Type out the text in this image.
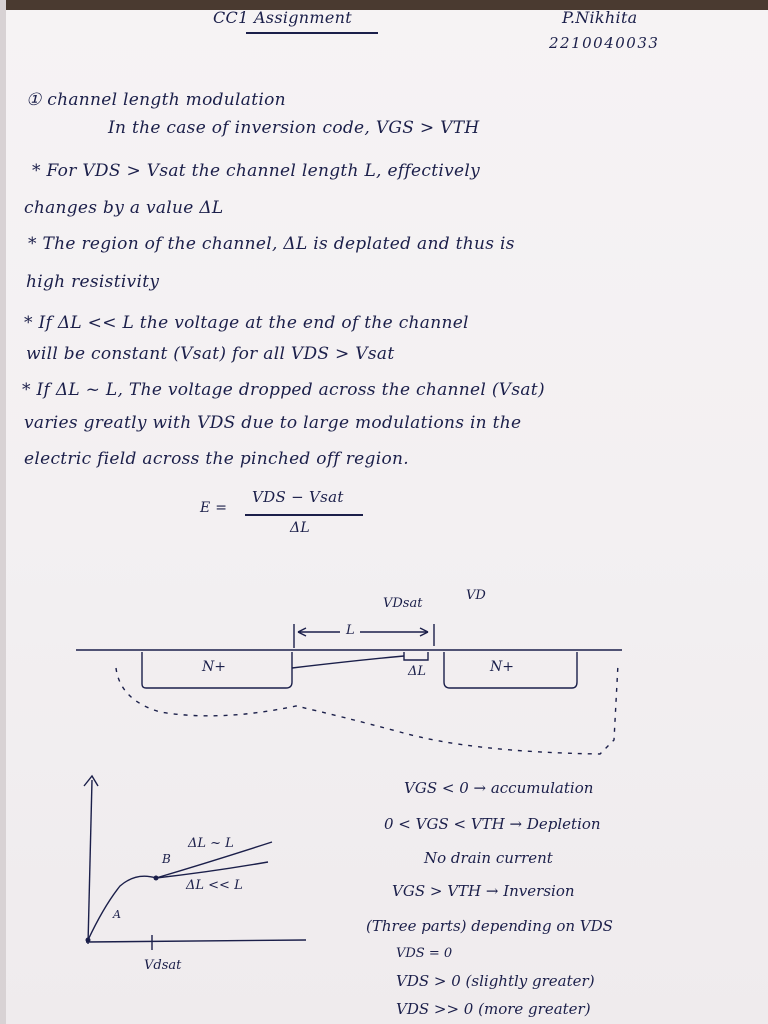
CC1 Assignment	P.Nikhita
2210040033
① channel length modulation
In the case of inversion code, VGS > VTH
* For VDS > Vsat the channel length L, effectively
changes by a value ΔL
* The region of the channel, ΔL is deplated and thus is
high resistivity
* If ΔL << L the voltage at the end of the channel
will be constant (Vsat) for all VDS > Vsat
* If ΔL ~ L, The voltage dropped across the channel (Vsat)
varies greatly with VDS due to large modulations in the
electric field across the pinched off region.
E =
VDS − Vsat
ΔL
VDsat
VD
L
N+	N+
ΔL
ΔL ~ L
ΔL << L
A
B
Vdsat
VGS < 0 → accumulation
0 < VGS < VTH → Depletion
No drain current
VGS > VTH → Inversion
(Three parts) depending on VDS
VDS = 0
VDS > 0 (slightly greater)
VDS >> 0 (more greater)
